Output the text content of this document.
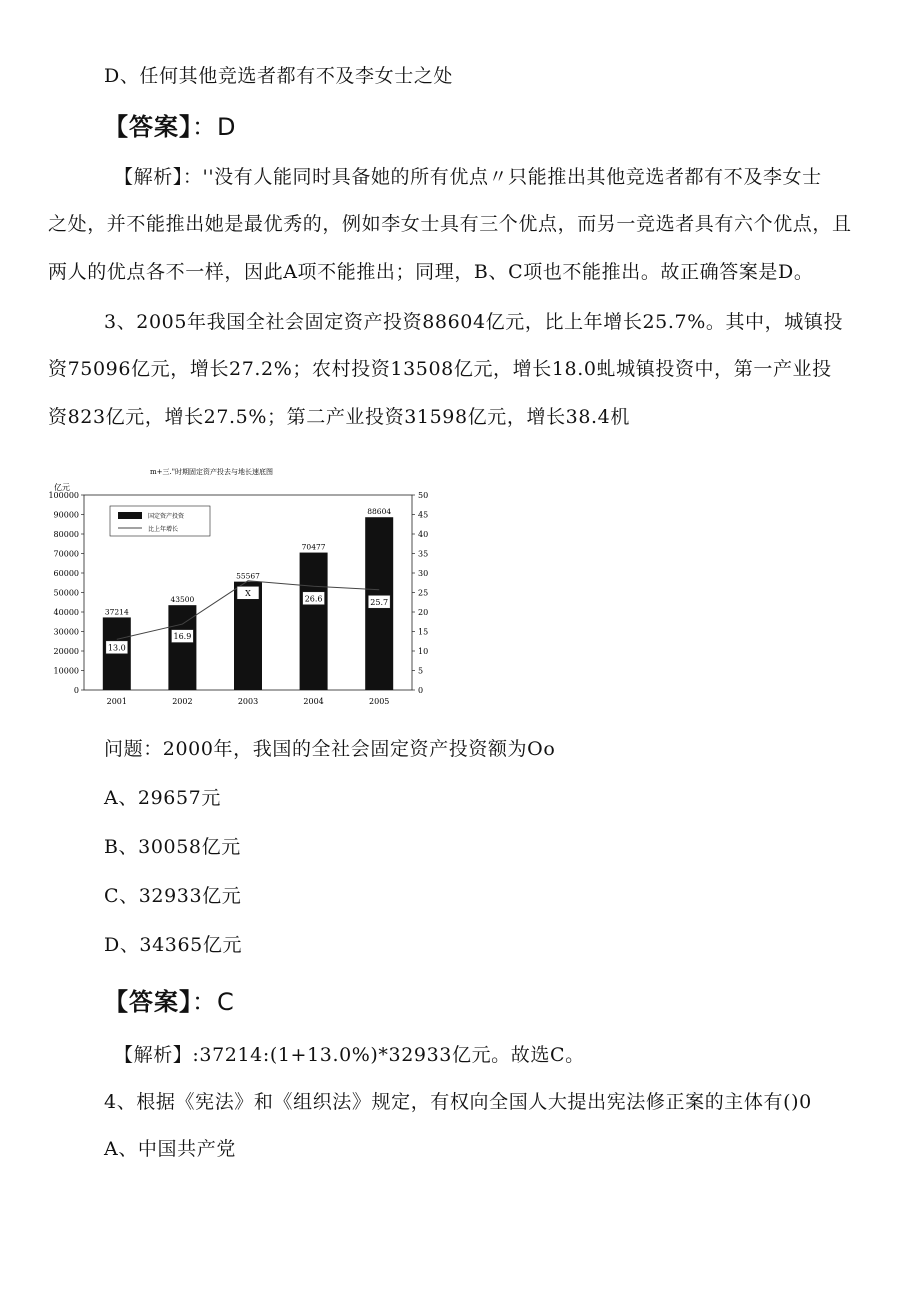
D、任何其他竞选者都有不及李女士之处
【答案】：D
【解析】：''没有人能同时具备她的所有优点〃只能推出其他竞选者都有不及李女士
之处，并不能推出她是最优秀的，例如李女士具有三个优点，而另一竞选者具有六个优点，且
两人的优点各不一样，因此A项不能推出；同理，B、C项也不能推出。故正确答案是D。
3、2005年我国全社会固定资产投资88604亿元，比上年增长25.7%。其中，城镇投
资75096亿元，增长27.2%；农村投资13508亿元，增长18.0虬城镇投资中，第一产业投
资823亿元，增长27.5%；第二产业投资31598亿元，增长38.4机
m+三."时期固定资产投去与地长速底图
亿元
0
10000
20000
30000
40000
50000
60000
70000
80000
90000
100000
0
5
10
15
20
25
30
35
40
45
50
37214
43500
55567
70477
88604
13.0
16.9
X
26.6	25.7
2001	2002	2003	2004	2005
国定资产投资
比上年增长
问题：2000年，我国的全社会固定资产投资额为Oo
A、29657元
B、30058亿元
C、32933亿元
D、34365亿元
【答案】：C
【解析】:37214:(1+13.0%)*32933亿元。故选C。
4、根据《宪法》和《组织法》规定，有权向全国人大提出宪法修正案的主体有()0
A、中国共产党
